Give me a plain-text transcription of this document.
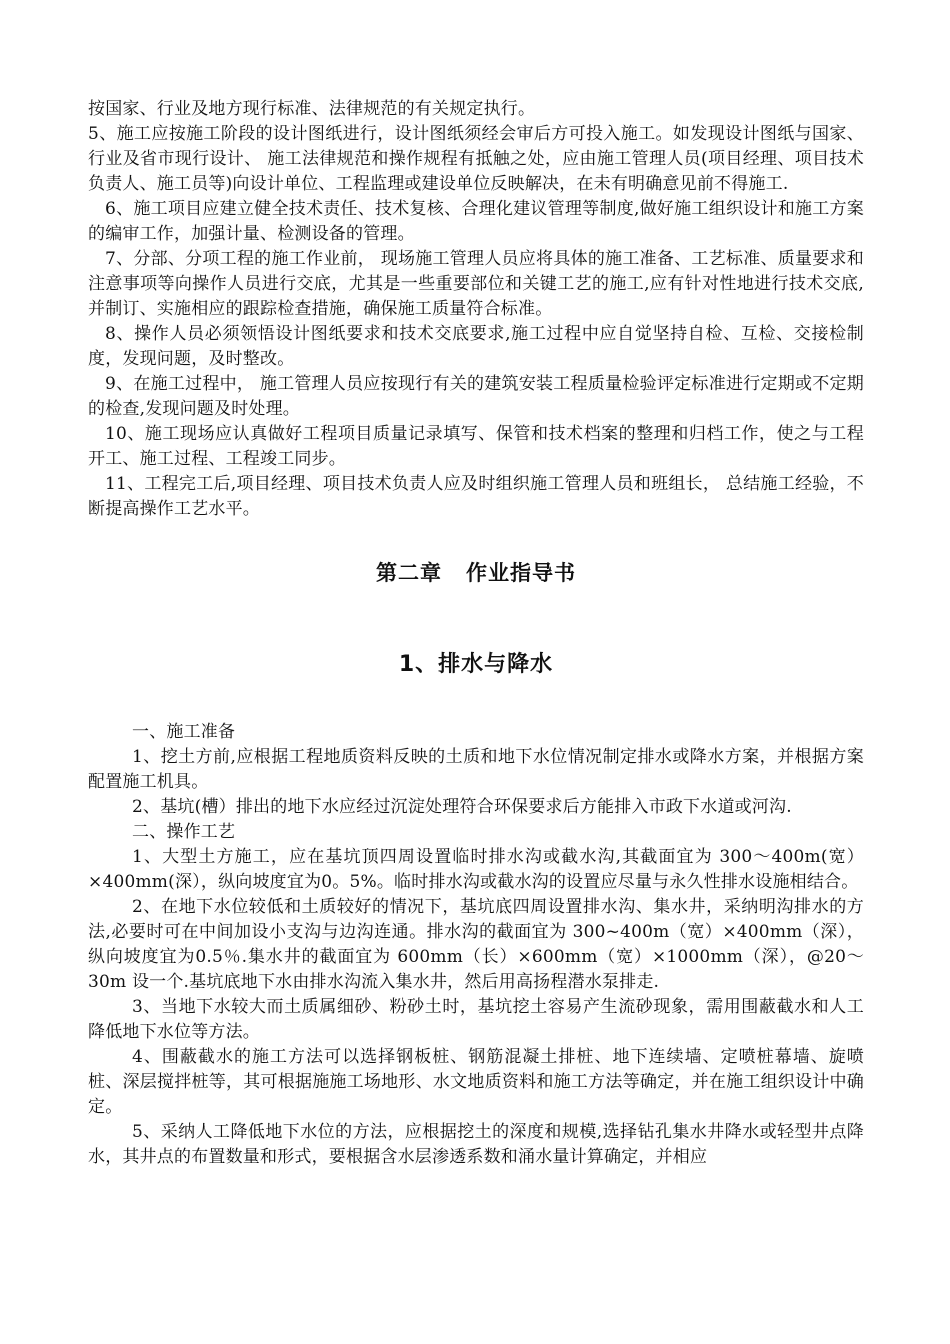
按国家、行业及地方现行标准、法律规范的有关规定执行。

5、施工应按施工阶段的设计图纸进行，设计图纸须经会审后方可投入施工。如发现设计图纸与国家、行业及省市现行设计、 施工法律规范和操作规程有抵触之处，应由施工管理人员(项目经理、项目技术负责人、施工员等)向设计单位、工程监理或建设单位反映解决，在未有明确意见前不得施工.

6、施工项目应建立健全技术责任、技术复核、合理化建议管理等制度,做好施工组织设计和施工方案的编审工作，加强计量、检测设备的管理。

7、分部、分项工程的施工作业前， 现场施工管理人员应将具体的施工准备、工艺标准、质量要求和注意事项等向操作人员进行交底，尤其是一些重要部位和关键工艺的施工,应有针对性地进行技术交底,并制订、实施相应的跟踪检查措施，确保施工质量符合标准。

8、操作人员必须领悟设计图纸要求和技术交底要求,施工过程中应自觉坚持自检、互检、交接检制度，发现问题，及时整改。

9、在施工过程中， 施工管理人员应按现行有关的建筑安装工程质量检验评定标准进行定期或不定期的检查,发现问题及时处理。

10、施工现场应认真做好工程项目质量记录填写、保管和技术档案的整理和归档工作，使之与工程开工、施工过程、工程竣工同步。

11、工程完工后,项目经理、项目技术负责人应及时组织施工管理人员和班组长， 总结施工经验，不断提高操作工艺水平。

第二章 作业指导书
1、排水与降水

一、施工准备

1、挖土方前,应根据工程地质资料反映的土质和地下水位情况制定排水或降水方案，并根据方案配置施工机具。

2、基坑(槽）排出的地下水应经过沉淀处理符合环保要求后方能排入市政下水道或河沟.

二、操作工艺

1、大型土方施工，应在基坑顶四周设置临时排水沟或截水沟,其截面宜为 300～400m(宽）×400mm(深），纵向坡度宜为0。5%。临时排水沟或截水沟的设置应尽量与永久性排水设施相结合。

2、在地下水位较低和土质较好的情况下，基坑底四周设置排水沟、集水井，采纳明沟排水的方法,必要时可在中间加设小支沟与边沟连通。排水沟的截面宜为 300~400m（宽）×400mm（深），纵向坡度宜为0.5％.集水井的截面宜为 600mm（长）×600mm（宽）×1000mm（深），@20～30m 设一个.基坑底地下水由排水沟流入集水井，然后用高扬程潜水泵排走.

3、当地下水较大而土质属细砂、粉砂土时，基坑挖土容易产生流砂现象，需用围蔽截水和人工降低地下水位等方法。

4、围蔽截水的施工方法可以选择钢板桩、钢筋混凝土排桩、地下连续墙、定喷桩幕墙、旋喷桩、深层搅拌桩等，其可根据施施工场地形、水文地质资料和施工方法等确定，并在施工组织设计中确定。

5、采纳人工降低地下水位的方法，应根据挖土的深度和规模,选择钻孔集水井降水或轻型井点降水，其井点的布置数量和形式，要根据含水层渗透系数和涌水量计算确定，并相应
